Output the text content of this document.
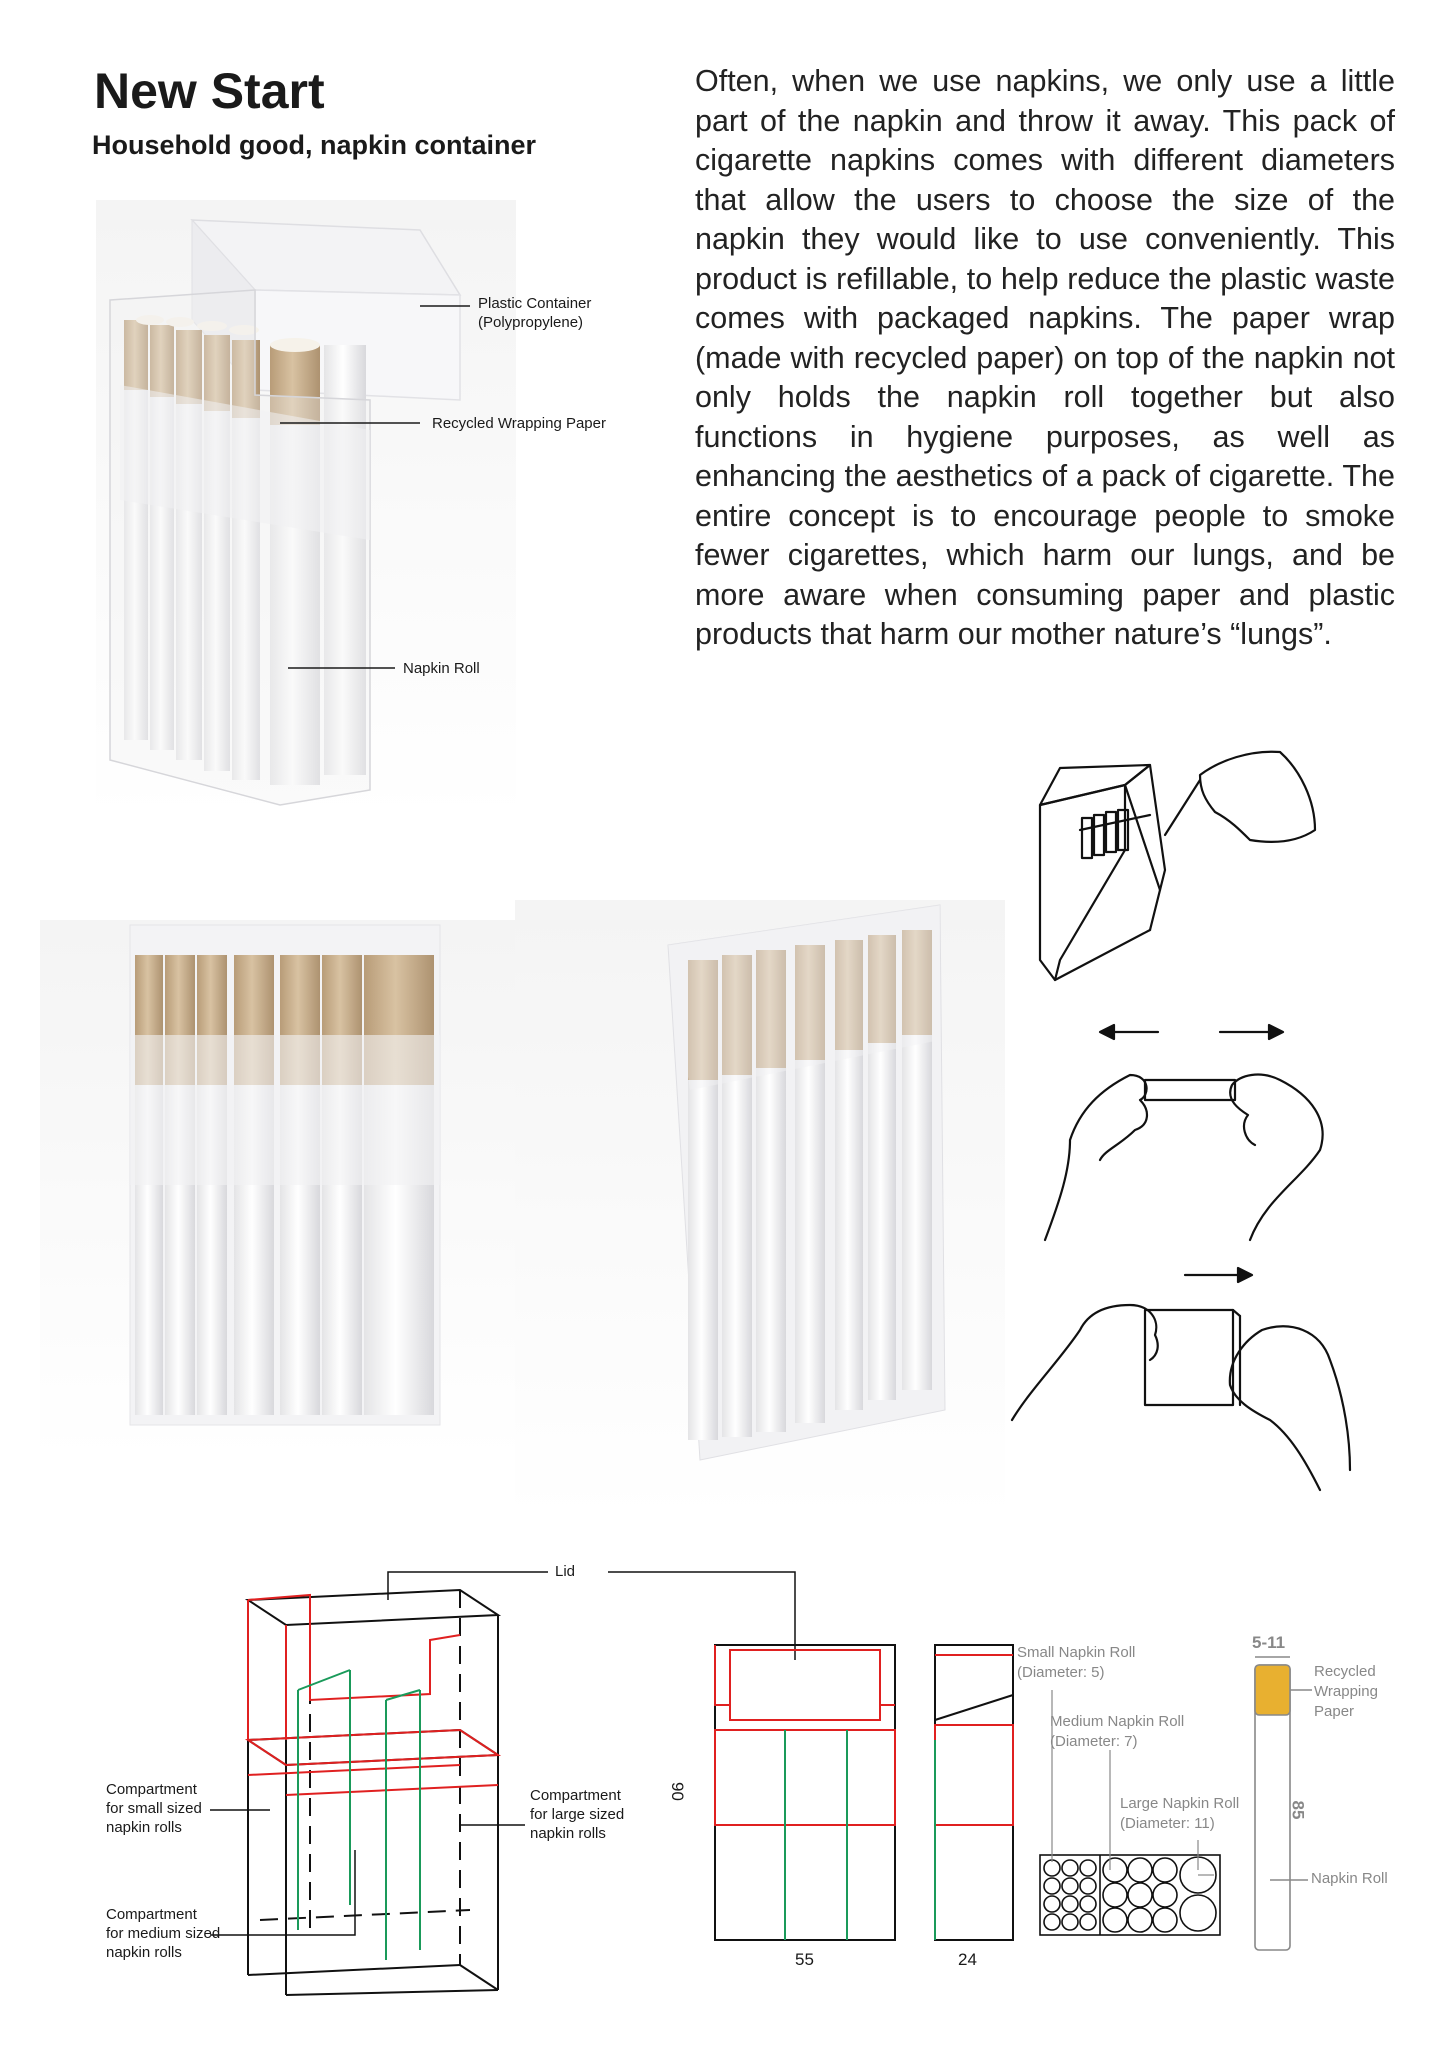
New Start
Household good, napkin container

Often, when we use napkins, we only use a little part of the napkin and throw it away. This pack of cigarette napkins comes with different diameters that allow the users to choose the size of the napkin they would like to use conveniently. This product is refillable, to help reduce the plastic waste comes with packaged napkins. The paper wrap (made with recycled paper) on top of the napkin not only holds the napkin roll together but also functions in hygiene purposes, as well as enhancing the aesthetics of a pack of cigarette. The entire concept is to encourage people to smoke fewer cigarettes, which harm our lungs, and be more aware when consuming paper and plastic products that harm our mother nature’s “lungs”.

Plastic Container
(Polypropylene)
Recycled Wrapping Paper
Napkin Roll
Lid
Compartment
for small sized
napkin rolls
Compartment
for large sized
napkin rolls
Compartment
for medium sized
napkin rolls
90
55	24
Small Napkin Roll
(Diameter: 5)
Medium Napkin Roll
(Diameter: 7)
Large Napkin Roll
(Diameter: 11)
5-11
85
Recycled
Wrapping
Paper
Napkin Roll
